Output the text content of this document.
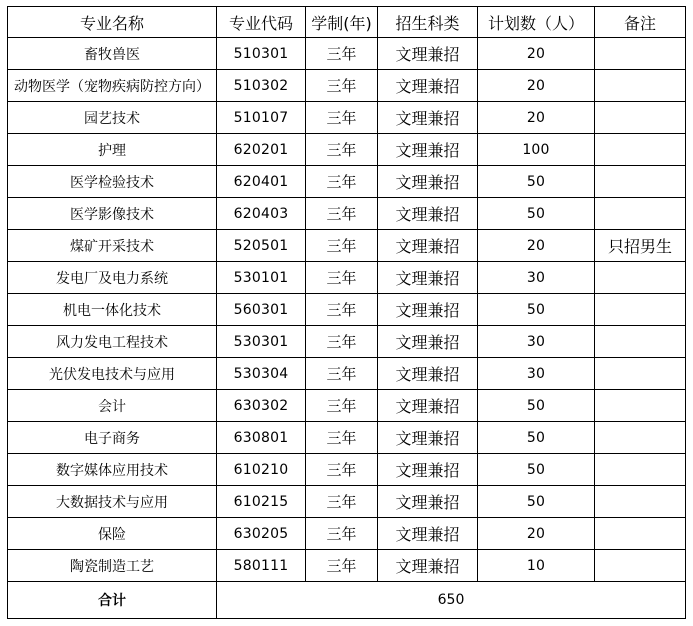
专业名称	专业代码	学制(年)	招生科类	计划数（人）	备注
畜牧兽医	510301	三年	文理兼招	20	
动物医学（宠物疾病防控方向）	510302	三年	文理兼招	20	
园艺技术	510107	三年	文理兼招	20	
护理	620201	三年	文理兼招	100	
医学检验技术	620401	三年	文理兼招	50	
医学影像技术	620403	三年	文理兼招	50	
煤矿开采技术	520501	三年	文理兼招	20	只招男生
发电厂及电力系统	530101	三年	文理兼招	30	
机电一体化技术	560301	三年	文理兼招	50	
风力发电工程技术	530301	三年	文理兼招	30	
光伏发电技术与应用	530304	三年	文理兼招	30	
会计	630302	三年	文理兼招	50	
电子商务	630801	三年	文理兼招	50	
数字媒体应用技术	610210	三年	文理兼招	50	
大数据技术与应用	610215	三年	文理兼招	50	
保险	630205	三年	文理兼招	20	
陶瓷制造工艺	580111	三年	文理兼招	10	
合计	650				
